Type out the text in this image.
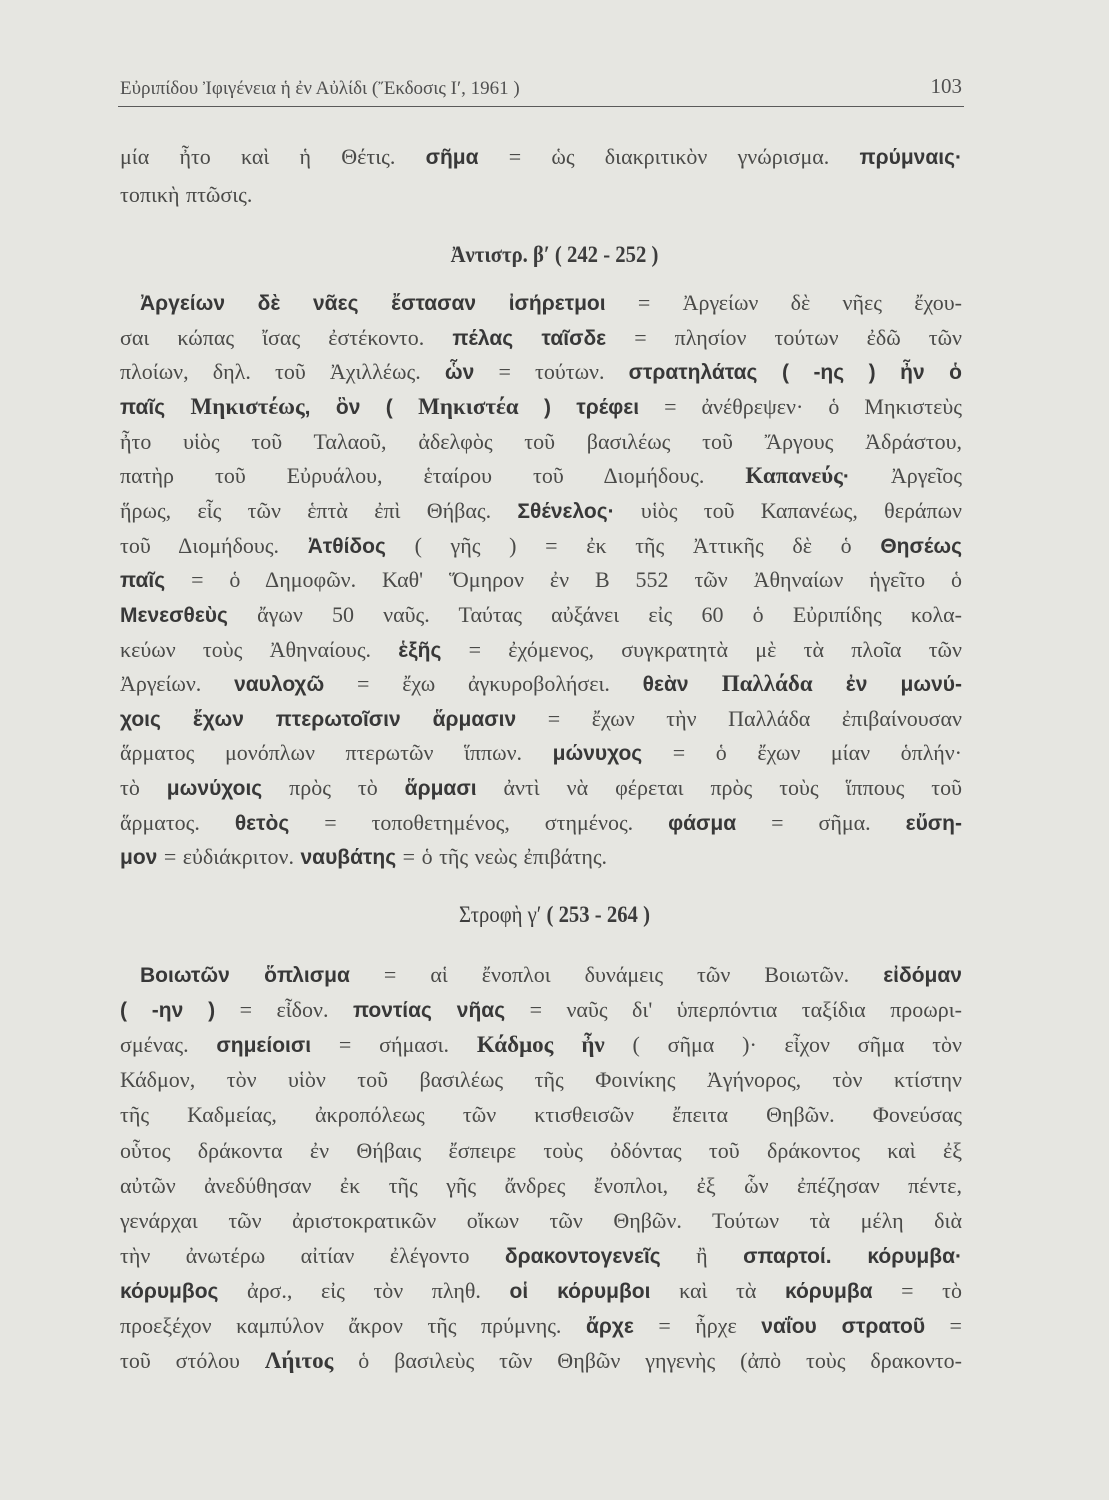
Εὐριπίδου Ἰφιγένεια ἡ ἐν Αὐλίδι (Ἔκδοσις Ι′, 1961 )	103
Ἀντιστρ. β′ ( 242 - 252 )
Στροφὴ γ′ ( 253 - 264 )
μία ἦτο καὶ ἡ Θέτις. σῆμα = ὡς διακριτικὸν γνώρισμα. πρύμναις·
τοπικὴ πτῶσις.
Ἀργείων δὲ νᾶες ἔστασαν ἰσήρετμοι = Ἀργείων δὲ νῆες ἔχου-
σαι κώπας ἴσας ἐστέκοντο. πέλας ταῖσδε = πλησίον τούτων ἐδῶ τῶν
πλοίων, δηλ. τοῦ Ἀχιλλέως. ὧν = τούτων. στρατηλάτας ( -ης ) ἦν ὁ
παῖς Μηκιστέως, ὃν ( Μηκιστέα ) τρέφει = ἀνέθρεψεν· ὁ Μηκιστεὺς
ἦτο υἱὸς τοῦ Ταλαοῦ, ἀδελφὸς τοῦ βασιλέως τοῦ Ἄργους Ἀδράστου,
πατὴρ τοῦ Εὐρυάλου, ἑταίρου τοῦ Διομήδους. Καπανεύς· Ἀργεῖος
ἥρως, εἷς τῶν ἑπτὰ ἐπὶ Θήβας. Σθένελος· υἱὸς τοῦ Καπανέως, θεράπων
τοῦ Διομήδους. Ἀτθίδος ( γῆς ) = ἐκ τῆς Ἀττικῆς δὲ ὁ Θησέως
παῖς = ὁ Δημοφῶν. Καθ' Ὅμηρον ἐν Β 552 τῶν Ἀθηναίων ἡγεῖτο ὁ
Μενεσθεὺς ἄγων 50 ναῦς. Ταύτας αὐξάνει εἰς 60 ὁ Εὐριπίδης κολα-
κεύων τοὺς Ἀθηναίους. ἑξῆς = ἐχόμενος, συγκρατητὰ μὲ τὰ πλοῖα τῶν
Ἀργείων. ναυλοχῶ = ἔχω ἀγκυροβολήσει. θεὰν Παλλάδα ἐν μωνύ-
χοις ἔχων πτερωτοῖσιν ἅρμασιν = ἔχων τὴν Παλλάδα ἐπιβαίνουσαν
ἅρματος μονόπλων πτερωτῶν ἵππων. μώνυχος = ὁ ἔχων μίαν ὁπλήν·
τὸ μωνύχοις πρὸς τὸ ἅρμασι ἀντὶ νὰ φέρεται πρὸς τοὺς ἵππους τοῦ
ἅρματος. θετὸς = τοποθετημένος, στημένος. φάσμα = σῆμα. εὔση-
μον = εὐδιάκριτον. ναυβάτης = ὁ τῆς νεὼς ἐπιβάτης.
Βοιωτῶν ὅπλισμα = αἱ ἔνοπλοι δυνάμεις τῶν Βοιωτῶν. εἰδόμαν
( -ην ) = εἶδον. ποντίας νῆας = ναῦς δι' ὑπερπόντια ταξίδια προωρι-
σμένας. σημείοισι = σήμασι. Κάδμος ἦν ( σῆμα )· εἶχον σῆμα τὸν
Κάδμον, τὸν υἱὸν τοῦ βασιλέως τῆς Φοινίκης Ἀγήνορος, τὸν κτίστην
τῆς Καδμείας, ἀκροπόλεως τῶν κτισθεισῶν ἔπειτα Θηβῶν. Φονεύσας
οὗτος δράκοντα ἐν Θήβαις ἔσπειρε τοὺς ὀδόντας τοῦ δράκοντος καὶ ἐξ
αὐτῶν ἀνεδύθησαν ἐκ τῆς γῆς ἄνδρες ἔνοπλοι, ἐξ ὧν ἐπέζησαν πέντε,
γενάρχαι τῶν ἀριστοκρατικῶν οἴκων τῶν Θηβῶν. Τούτων τὰ μέλη διὰ
τὴν ἀνωτέρω αἰτίαν ἐλέγοντο δρακοντογενεῖς ἢ σπαρτοί. κόρυμβα·
κόρυμβος ἀρσ., εἰς τὸν πληθ. οἱ κόρυμβοι καὶ τὰ κόρυμβα = τὸ
προεξέχον καμπύλον ἄκρον τῆς πρύμνης. ἄρχε = ἦρχε ναΐου στρατοῦ =
τοῦ στόλου Λήιτος ὁ βασιλεὺς τῶν Θηβῶν γηγενὴς (ἀπὸ τοὺς δρακοντο-
